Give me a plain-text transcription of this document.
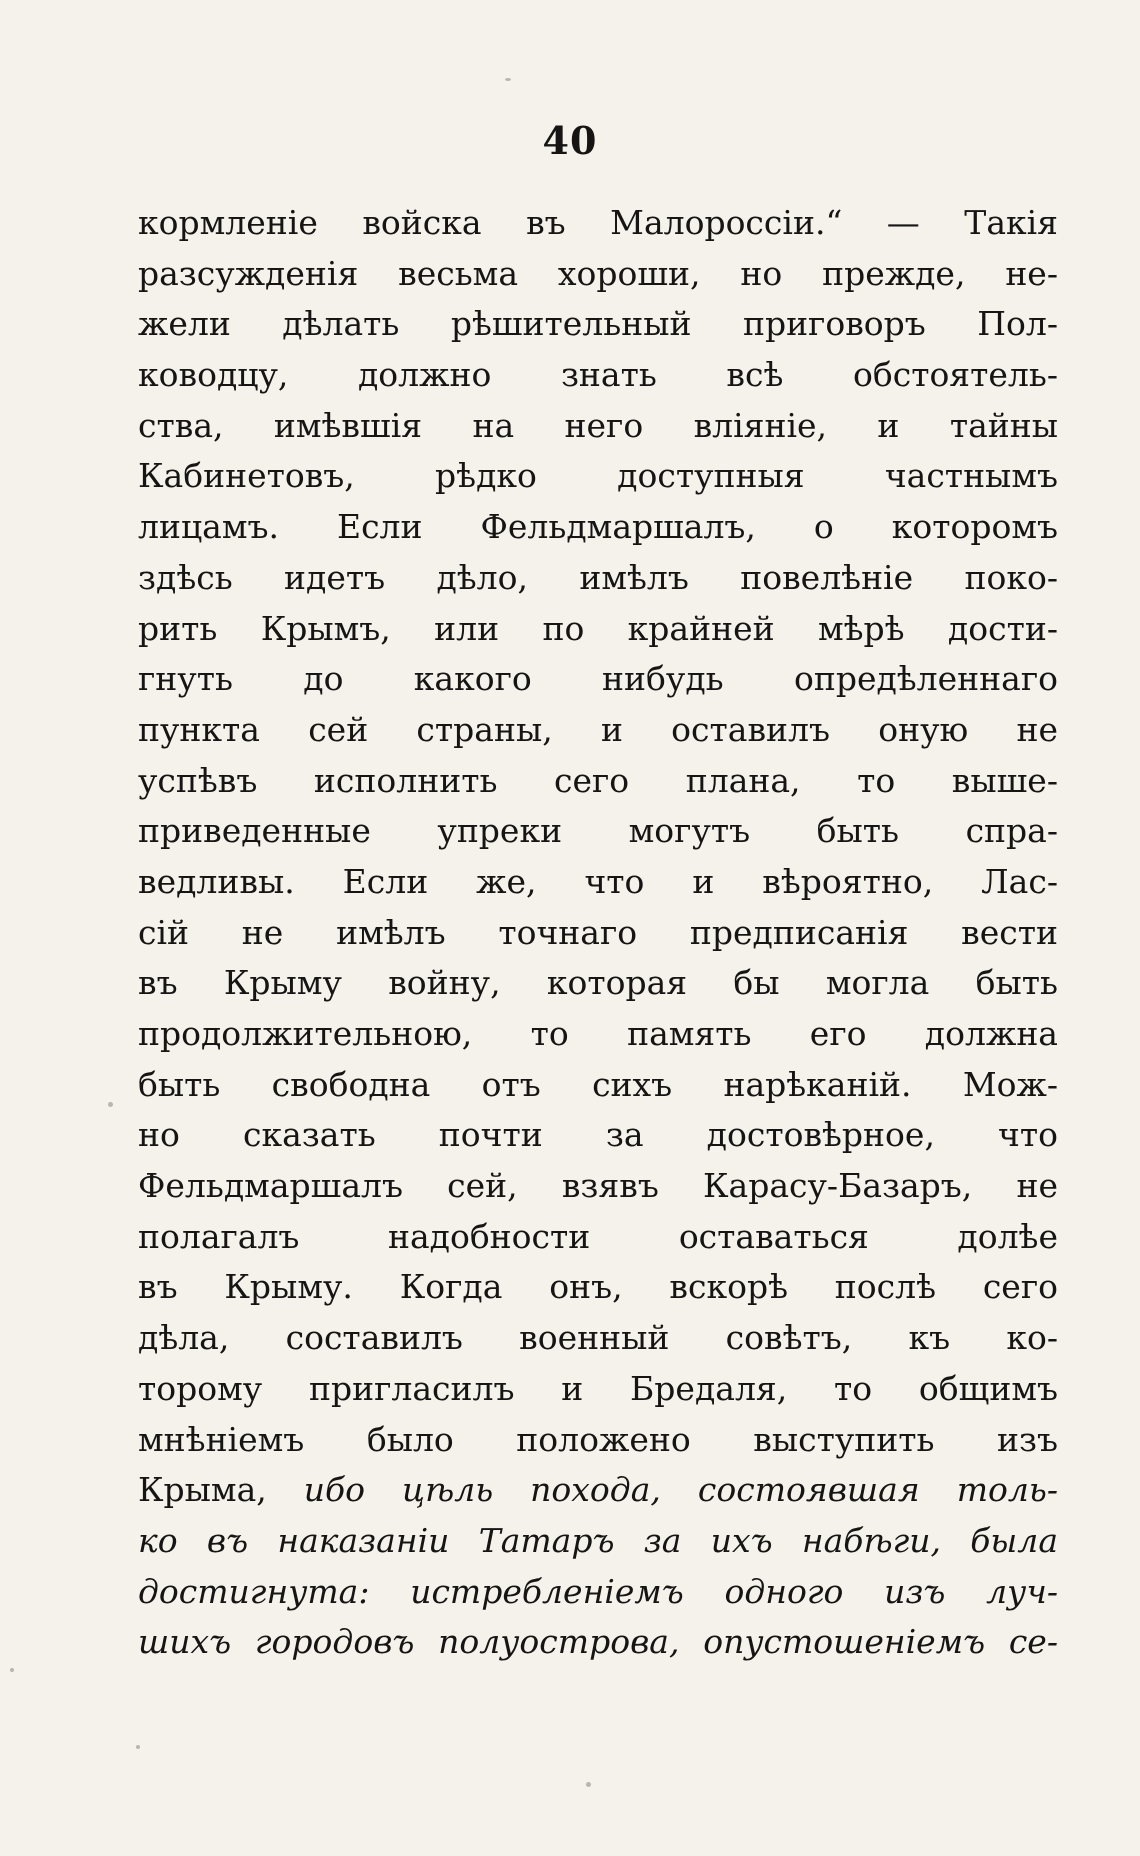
40
кормленіе войска въ Малороссіи.“ — Такія
разсужденія весьма хороши, но прежде, не-
жели дѣлать рѣшительный приговоръ Пол-
ководцу, должно знать всѣ обстоятель-
ства, имѣвшія на него вліяніе, и тайны
Кабинетовъ, рѣдко доступныя частнымъ
лицамъ. Если Фельдмаршалъ, о которомъ
здѣсь идетъ дѣло, имѣлъ повелѣніе поко-
рить Крымъ, или по крайней мѣрѣ дости-
гнуть до какого нибудь опредѣленнаго
пункта сей страны, и оставилъ оную не
успѣвъ исполнить сего плана, то выше-
приведенные упреки могутъ быть спра-
ведливы. Если же, что и вѣроятно, Лас-
сій не имѣлъ точнаго предписанія вести
въ Крыму войну, которая бы могла быть
продолжительною, то память его должна
быть свободна отъ сихъ нарѣканій. Мож-
но сказать почти за достовѣрное, что
Фельдмаршалъ сей, взявъ Карасу-Базаръ, не
полагалъ надобности оставаться долѣе
въ Крыму. Когда онъ, вскорѣ послѣ сего
дѣла, составилъ военный совѣтъ, къ ко-
торому пригласилъ и Бредаля, то общимъ
мнѣніемъ было положено выступить изъ
Крыма, ибо цѣль похода, состоявшая толь-
ко въ наказаніи Татаръ за ихъ набѣги, была
достигнута: истребленіемъ одного изъ луч-
шихъ городовъ полуострова, опустошеніемъ се-
